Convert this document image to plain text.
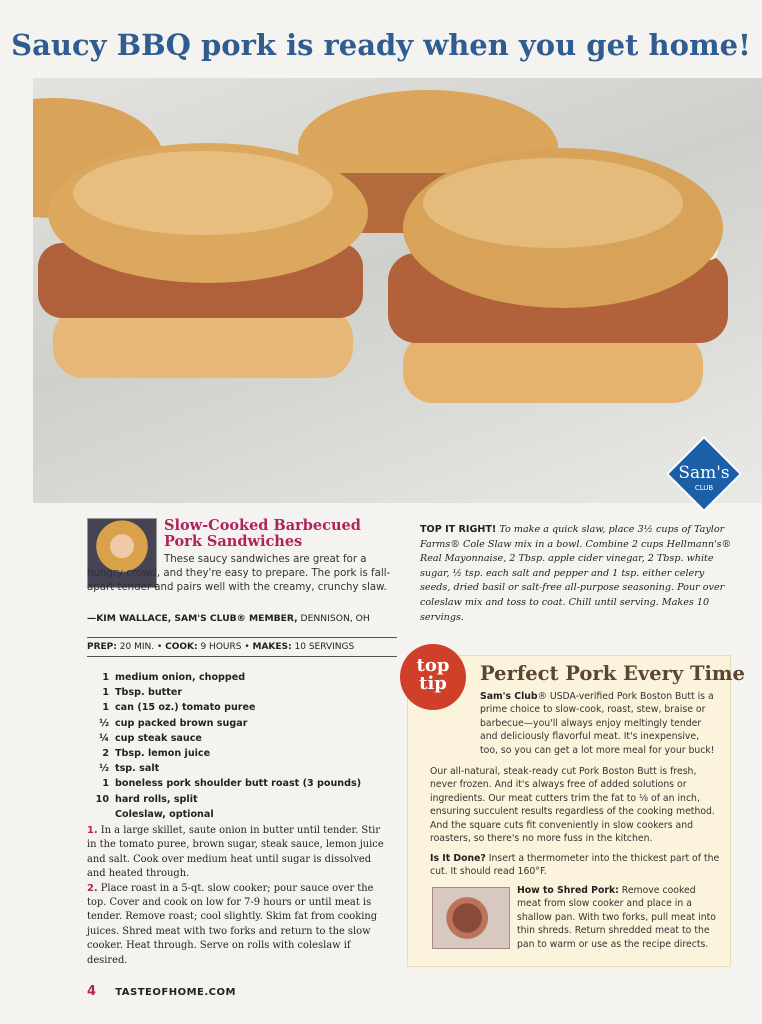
Saucy BBQ pork is ready when you get home!
Sam's
CLUB
Slow-Cooked Barbecued Pork Sandwiches
These saucy sandwiches are great for a hungry crowd, and they're easy to prepare. The pork is fall-apart tender and pairs well with the creamy, crunchy slaw.
—KIM WALLACE, SAM'S CLUB® MEMBER, DENNISON, OH
PREP: 20 MIN. • COOK: 9 HOURS • MAKES: 10 SERVINGS
1 medium onion, chopped
1 Tbsp. butter
1 can (15 oz.) tomato puree
½ cup packed brown sugar
¼ cup steak sauce
2 Tbsp. lemon juice
½ tsp. salt
1 boneless pork shoulder butt roast (3 pounds)
10 hard rolls, split
Coleslaw, optional

1. In a large skillet, saute onion in butter until tender. Stir in the tomato puree, brown sugar, steak sauce, lemon juice and salt. Cook over medium heat until sugar is dissolved and heated through.

2. Place roast in a 5-qt. slow cooker; pour sauce over the top. Cover and cook on low for 7-9 hours or until meat is tender. Remove roast; cool slightly. Skim fat from cooking juices. Shred meat with two forks and return to the slow cooker. Heat through. Serve on rolls with coleslaw if desired.

TOP IT RIGHT! To make a quick slaw, place 3½ cups of Taylor Farms® Cole Slaw mix in a bowl. Combine 2 cups Hellmann's® Real Mayonnaise, 2 Tbsp. apple cider vinegar, 2 Tbsp. white sugar, ½ tsp. each salt and pepper and 1 tsp. either celery seeds, dried basil or salt-free all-purpose seasoning. Pour over coleslaw mix and toss to coat. Chill until serving. Makes 10 servings.
top
tip	Perfect Pork Every Time
Sam's Club® USDA-verified Pork Boston Butt is a prime choice to slow-cook, roast, stew, braise or barbecue—you'll always enjoy meltingly tender and deliciously flavorful meat. It's inexpensive, too, so you can get a lot more meal for your buck!
Our all-natural, steak-ready cut Pork Boston Butt is fresh, never frozen. And it's always free of added solutions or ingredients. Our meat cutters trim the fat to ⅛ of an inch, ensuring succulent results regardless of the cooking method. And the square cuts fit conveniently in slow cookers and roasters, so there's no more fuss in the kitchen.
Is It Done? Insert a thermometer into the thickest part of the cut. It should read 160°F.
How to Shred Pork: Remove cooked meat from slow cooker and place in a shallow pan. With two forks, pull meat into thin shreds. Return shredded meat to the pan to warm or use as the recipe directs.
4 TASTEOFHOME.COM
